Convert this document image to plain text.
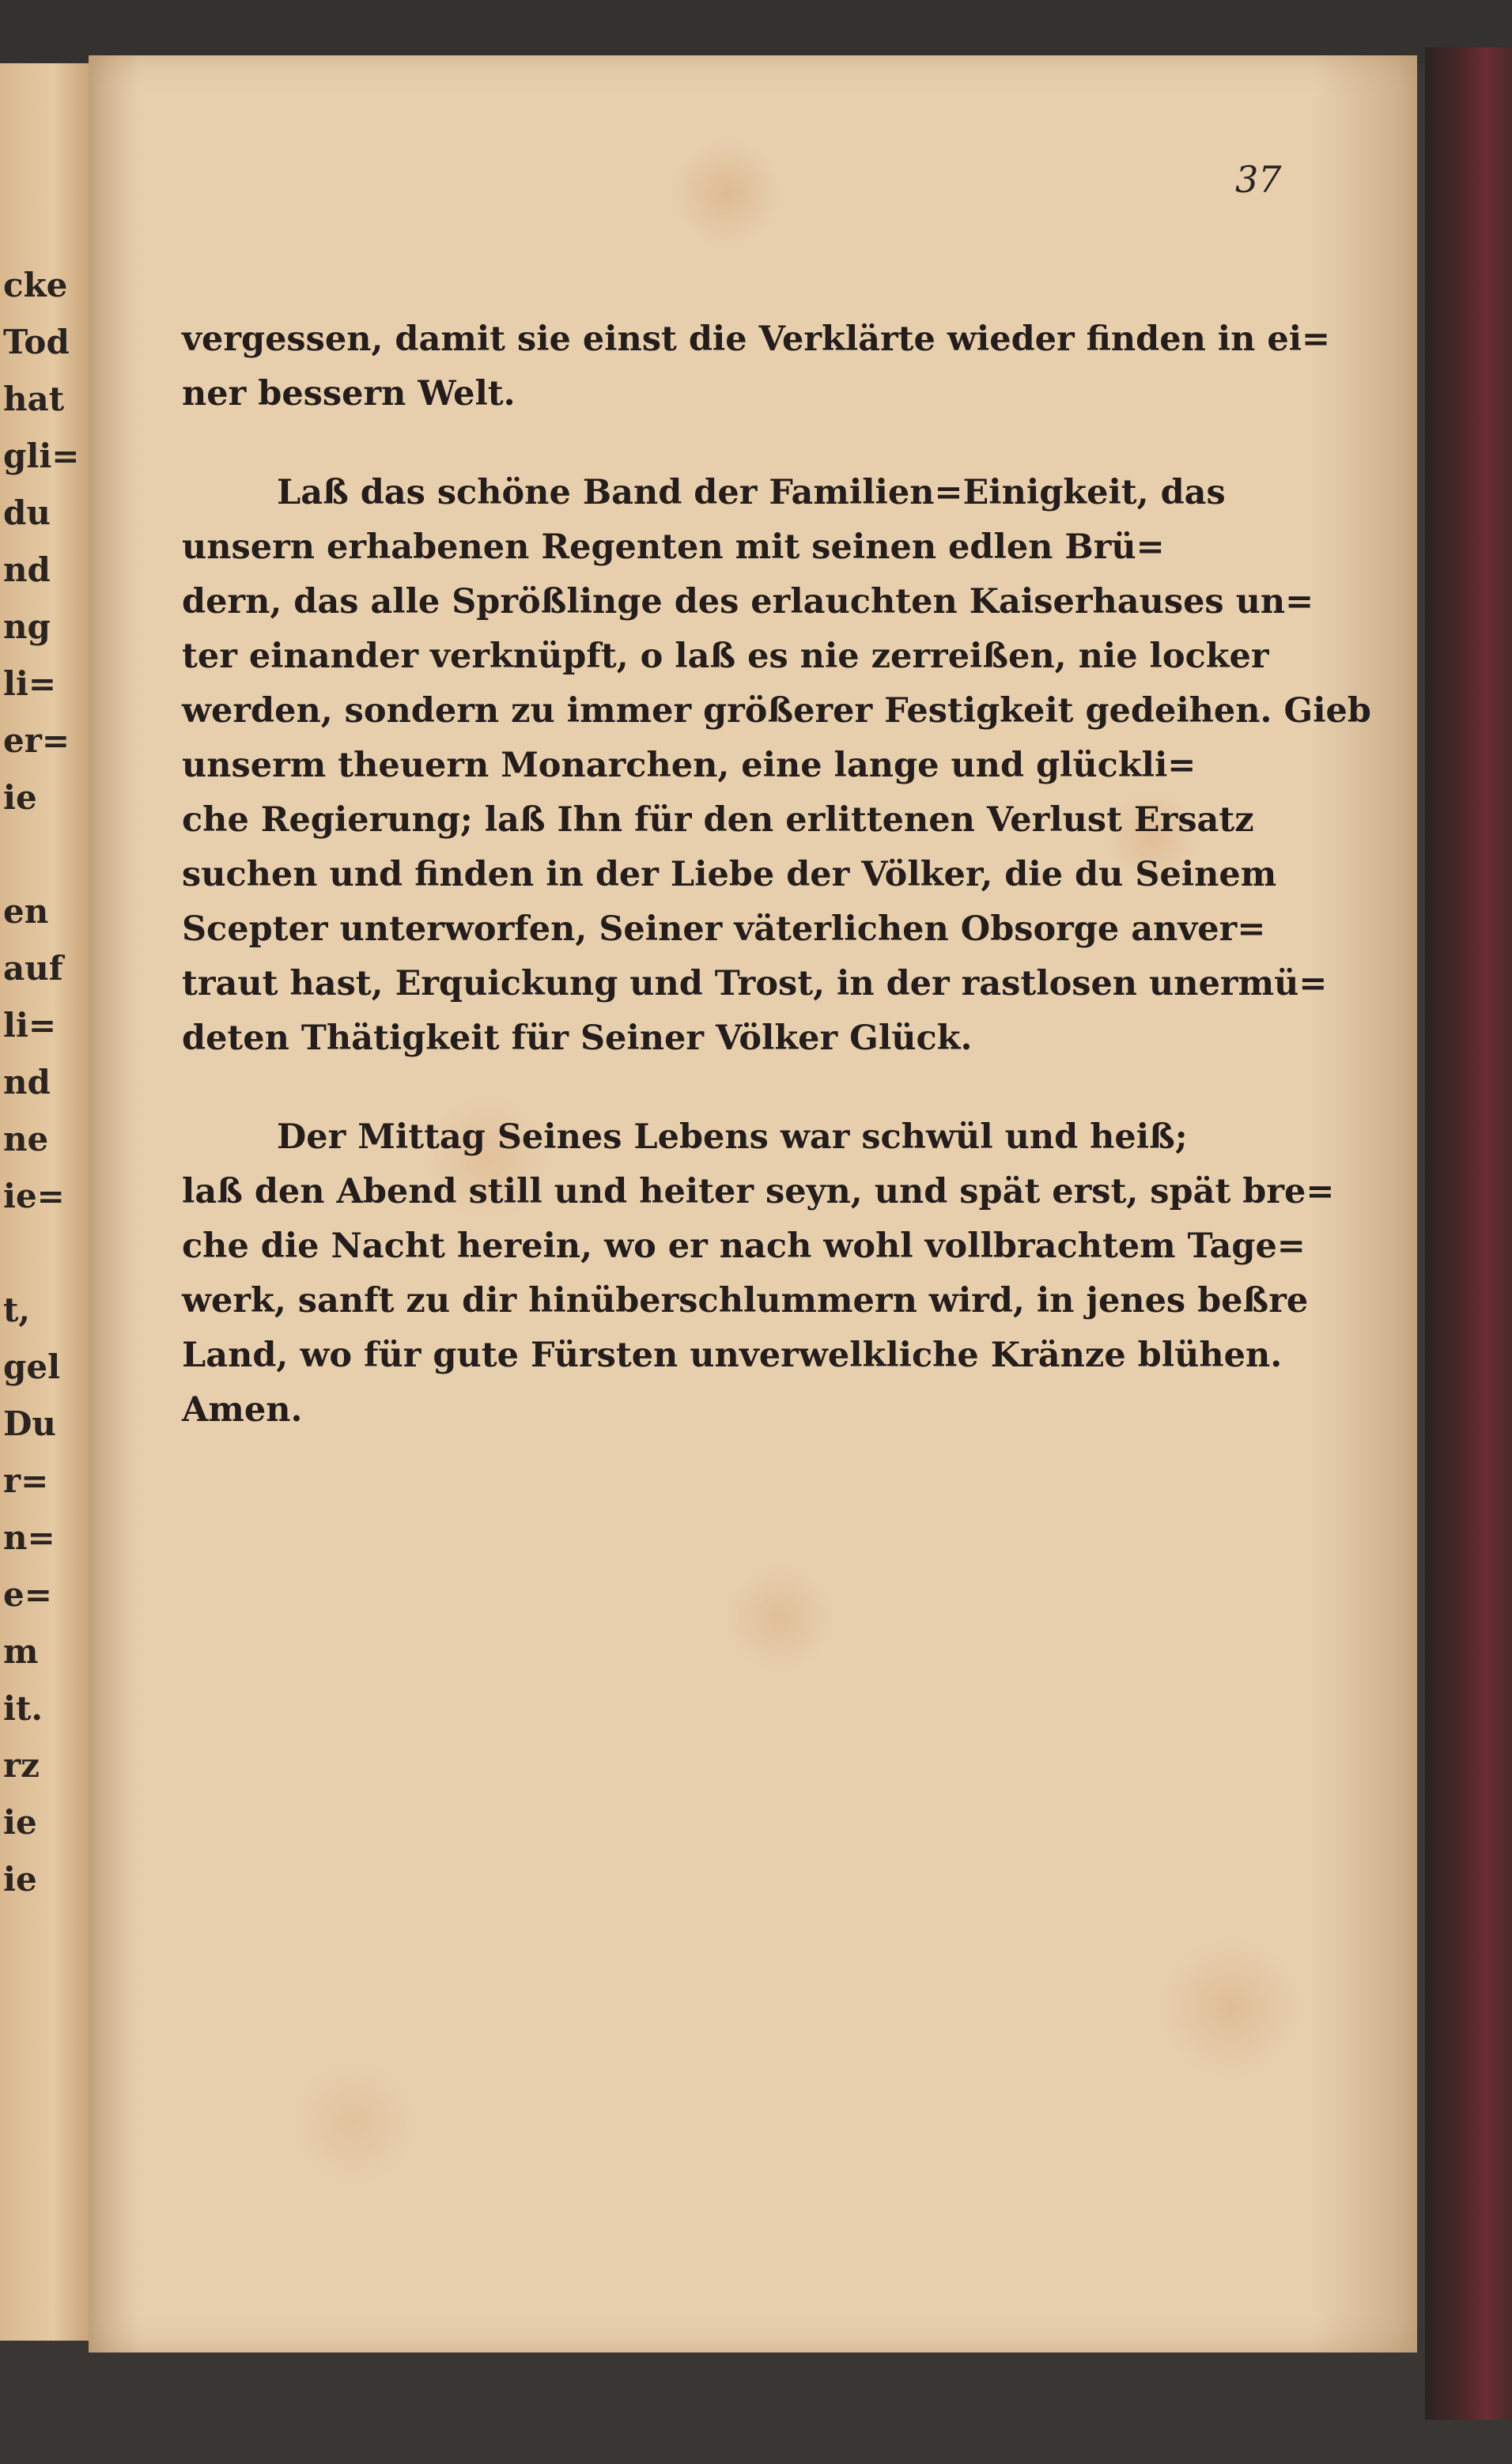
cke
Tod
hat
gli=
du
nd
ng
li=
er=
ie
en
auf
li=
nd
ne
ie=
t,
gel
Du
r=
n=
e=
m
it.
rz
ie
ie
37
vergessen, damit sie einst die Verklärte wieder finden in ei=
ner bessern Welt.
Laß das schöne Band der Familien=Einigkeit, das
unsern erhabenen Regenten mit seinen edlen Brü=
dern, das alle Sprößlinge des erlauchten Kaiserhauses un=
ter einander verknüpft, o laß es nie zerreißen, nie locker
werden, sondern zu immer größerer Festigkeit gedeihen. Gieb
unserm theuern Monarchen, eine lange und glückli=
che Regierung; laß Ihn für den erlittenen Verlust Ersatz
suchen und finden in der Liebe der Völker, die du Seinem
Scepter unterworfen, Seiner väterlichen Obsorge anver=
traut hast, Erquickung und Trost, in der rastlosen unermü=
deten Thätigkeit für Seiner Völker Glück.
Der Mittag Seines Lebens war schwül und heiß;
laß den Abend still und heiter seyn, und spät erst, spät bre=
che die Nacht herein, wo er nach wohl vollbrachtem Tage=
werk, sanft zu dir hinüberschlummern wird, in jenes beßre
Land, wo für gute Fürsten unverwelkliche Kränze blühen.
Amen.
